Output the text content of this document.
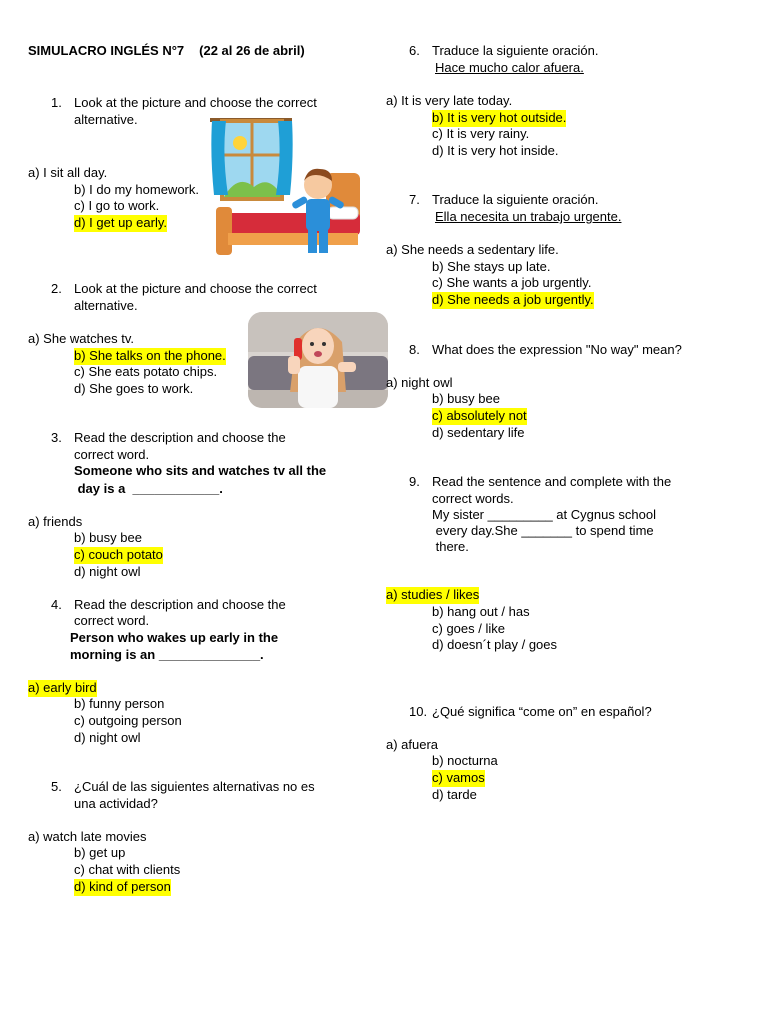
SIMULACRO INGLÉS N°7 (22 al 26 de abril)
1. Look at the picture and choose the correct
alternative.
a) I sit all day.
b) I do my homework.
c) I go to work.
d) I get up early.
2. Look at the picture and choose the correct
alternative.
a) She watches tv.
b) She talks on the phone.
c) She eats potato chips.
d) She goes to work.
3. Read the description and choose the
correct word.
Someone who sits and watches tv all the
day is a  ____________.
a) friends
b) busy bee
c) couch potato
d) night owl
4. Read the description and choose the
correct word.
Person who wakes up early in the
morning is an ______________.
a) early bird
b) funny person
c) outgoing person
d) night owl
5. ¿Cuál de las siguientes alternativas no es
una actividad?
a) watch late movies
b) get up
c) chat with clients
d) kind of person
6. Traduce la siguiente oración.
Hace mucho calor afuera.
a) It is very late today.
b) It is very hot outside.
c) It is very rainy.
d) It is very hot inside.
7. Traduce la siguiente oración.
Ella necesita un trabajo urgente.
a) She needs a sedentary life.
b) She stays up late.
c) She wants a job urgently.
d) She needs a job urgently.
8. What does the expression "No way" mean?
a) night owl
b) busy bee
c) absolutely not
d) sedentary life
9. Read the sentence and complete with the
correct words.
My sister _________ at Cygnus school
every day.She _______ to spend time
there.
a) studies / likes
b) hang out / has
c) goes / like
d) doesn´t play / goes
10. ¿Qué significa “come on” en español?
a) afuera
b) nocturna
c) vamos
d) tarde
